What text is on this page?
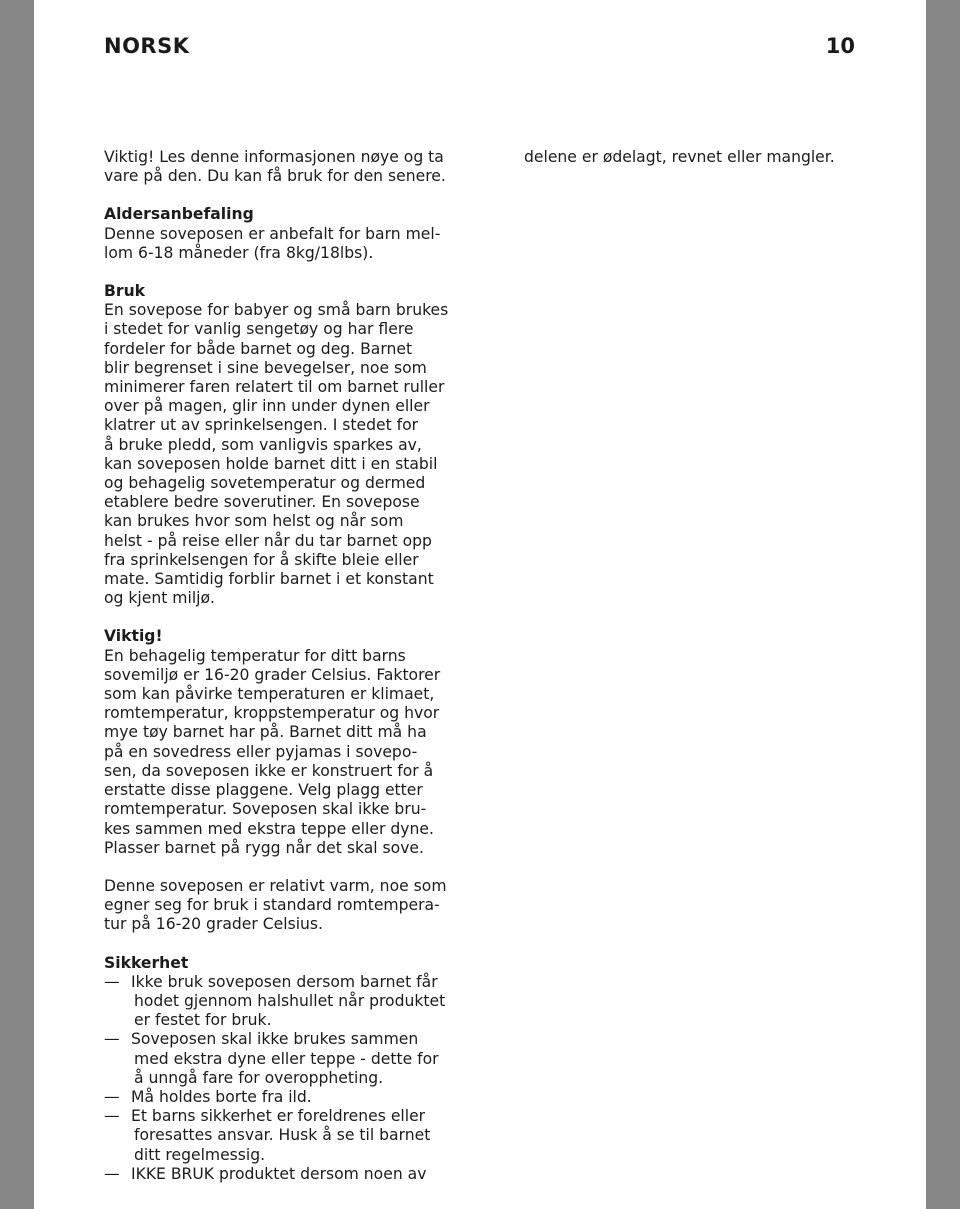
NORSK	10
Viktig! Les denne informasjonen nøye og ta
vare på den. Du kan få bruk for den senere.
Aldersanbefaling
Denne soveposen er anbefalt for barn mel-
lom 6-18 måneder (fra 8kg/18lbs).
Bruk
En sovepose for babyer og små barn brukes
i stedet for vanlig sengetøy og har flere
fordeler for både barnet og deg. Barnet
blir begrenset i sine bevegelser, noe som
minimerer faren relatert til om barnet ruller
over på magen, glir inn under dynen eller
klatrer ut av sprinkelsengen. I stedet for
å bruke pledd, som vanligvis sparkes av,
kan soveposen holde barnet ditt i en stabil
og behagelig sovetemperatur og dermed
etablere bedre soverutiner. En sovepose
kan brukes hvor som helst og når som
helst - på reise eller når du tar barnet opp
fra sprinkelsengen for å skifte bleie eller
mate. Samtidig forblir barnet i et konstant
og kjent miljø.
Viktig!
En behagelig temperatur for ditt barns
sovemiljø er 16-20 grader Celsius. Faktorer
som kan påvirke temperaturen er klimaet,
romtemperatur, kroppstemperatur og hvor
mye tøy barnet har på. Barnet ditt må ha
på en sovedress eller pyjamas i sovepo-
sen, da soveposen ikke er konstruert for å
erstatte disse plaggene. Velg plagg etter
romtemperatur. Soveposen skal ikke bru-
kes sammen med ekstra teppe eller dyne.
Plasser barnet på rygg når det skal sove.
Denne soveposen er relativt varm, noe som
egner seg for bruk i standard romtempera-
tur på 16-20 grader Celsius.
Sikkerhet
— Ikke bruk soveposen dersom barnet får
hodet gjennom halshullet når produktet
er festet for bruk.
— Soveposen skal ikke brukes sammen
med ekstra dyne eller teppe - dette for
å unngå fare for overoppheting.
— Må holdes borte fra ild.
— Et barns sikkerhet er foreldrenes eller
foresattes ansvar. Husk å se til barnet
ditt regelmessig.
— IKKE BRUK produktet dersom noen av
delene er ødelagt, revnet eller mangler.
